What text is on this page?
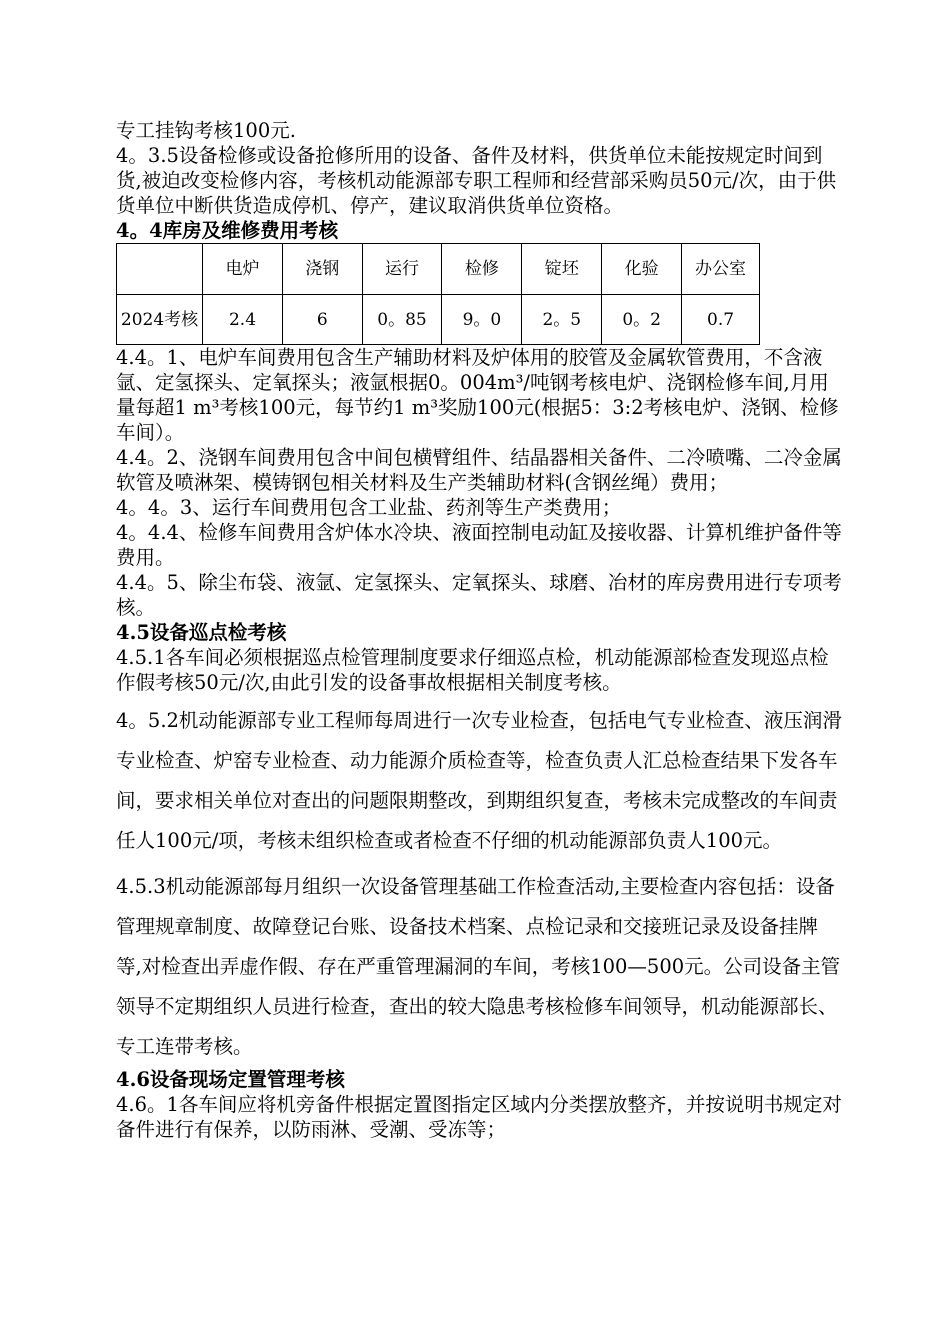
专工挂钩考核100元.

4。3.5设备检修或设备抢修所用的设备、备件及材料，供货单位未能按规定时间到货,被迫改变检修内容，考核机动能源部专职工程师和经营部采购员50元/次，由于供货单位中断供货造成停机、停产，建议取消供货单位资格。

4。4库房及维修费用考核
	电炉	浇钢	运行	检修	锭坯	化验	办公室
2024考核	2.4	6	0。85	9。0	2。5	0。2	0.7

4.4。1、电炉车间费用包含生产辅助材料及炉体用的胶管及金属软管费用，不含液氩、定氢探头、定氧探头；液氩根据0。004m³/吨钢考核电炉、浇钢检修车间,月用量每超1 m³考核100元，每节约1 m³奖励100元(根据5：3:2考核电炉、浇钢、检修车间）。

4.4。2、浇钢车间费用包含中间包横臂组件、结晶器相关备件、二冷喷嘴、二冷金属软管及喷淋架、模铸钢包相关材料及生产类辅助材料(含钢丝绳）费用；

4。4。3、运行车间费用包含工业盐、药剂等生产类费用；

4。4.4、检修车间费用含炉体水冷块、液面控制电动缸及接收器、计算机维护备件等费用。

4.4。5、除尘布袋、液氩、定氢探头、定氧探头、球磨、冶材的库房费用进行专项考核。

4.5设备巡点检考核

4.5.1各车间必须根据巡点检管理制度要求仔细巡点检，机动能源部检查发现巡点检作假考核50元/次,由此引发的设备事故根据相关制度考核。

4。5.2机动能源部专业工程师每周进行一次专业检查，包括电气专业检查、液压润滑专业检查、炉窑专业检查、动力能源介质检查等，检查负责人汇总检查结果下发各车间，要求相关单位对查出的问题限期整改，到期组织复查，考核未完成整改的车间责任人100元/项，考核未组织检查或者检查不仔细的机动能源部负责人100元。

4.5.3机动能源部每月组织一次设备管理基础工作检查活动,主要检查内容包括：设备管理规章制度、故障登记台账、设备技术档案、点检记录和交接班记录及设备挂牌等,对检查出弄虚作假、存在严重管理漏洞的车间，考核100—500元。公司设备主管领导不定期组织人员进行检查，查出的较大隐患考核检修车间领导，机动能源部长、专工连带考核。

4.6设备现场定置管理考核

4.6。1各车间应将机旁备件根据定置图指定区域内分类摆放整齐，并按说明书规定对备件进行有保养，以防雨淋、受潮、受冻等；
